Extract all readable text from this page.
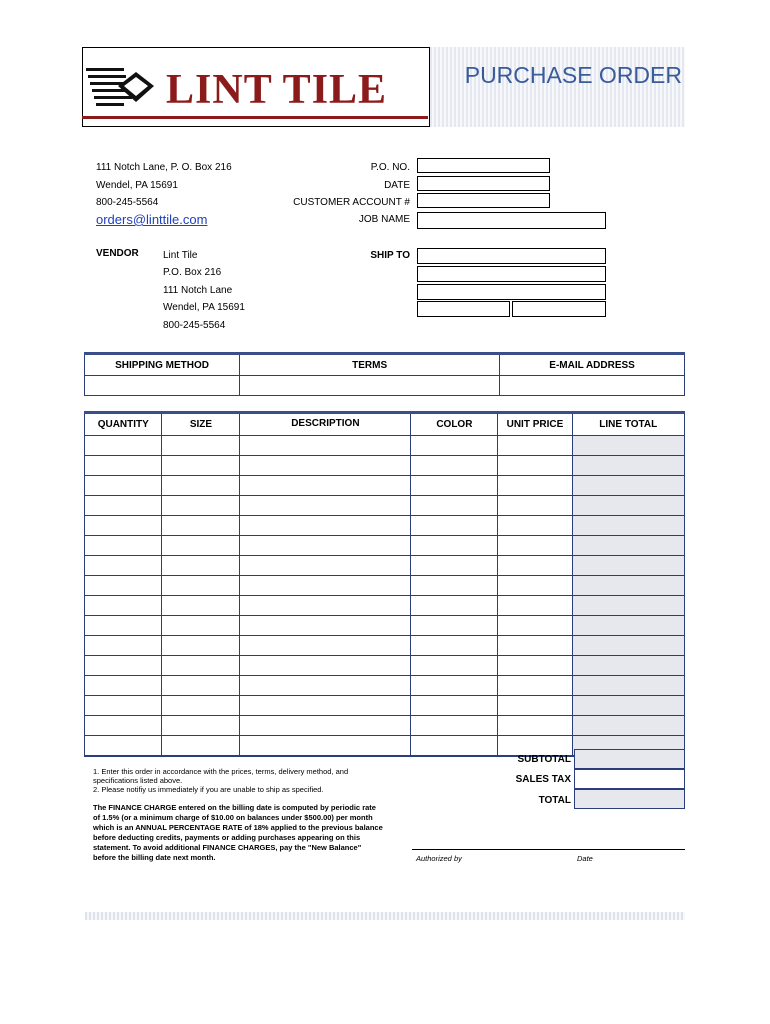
LINT TILE	PURCHASE ORDER
111 Notch Lane, P. O. Box 216
Wendel, PA 15691
800-245-5564
orders@linttile.com
P.O. NO.
DATE
CUSTOMER ACCOUNT #
JOB NAME
VENDOR Lint Tile
P.O. Box 216
111 Notch Lane
Wendel, PA 15691
800-245-5564
SHIP TO
SHIPPING METHOD	TERMS	E-MAIL ADDRESS

QUANTITY	SIZE	DESCRIPTION	COLOR	UNIT PRICE	LINE TOTAL

SUBTOTAL
SALES TAX
TOTAL
1. Enter this order in accordance with the prices, terms, delivery method, and specifications listed above.
2. Please notifiy us immediately if you are unable to ship as specified.
The FINANCE CHARGE entered on the billing date is computed by periodic rate of 1.5% (or a minimum charge of $10.00 on balances under $500.00) per month which is an ANNUAL PERCENTAGE RATE of 18% applied to the previous balance before deducting credits, payments or adding purchases appearing on this statement. To avoid additional FINANCE CHARGES, pay the "New Balance" before the billing date next month.	Authorized by	Date
